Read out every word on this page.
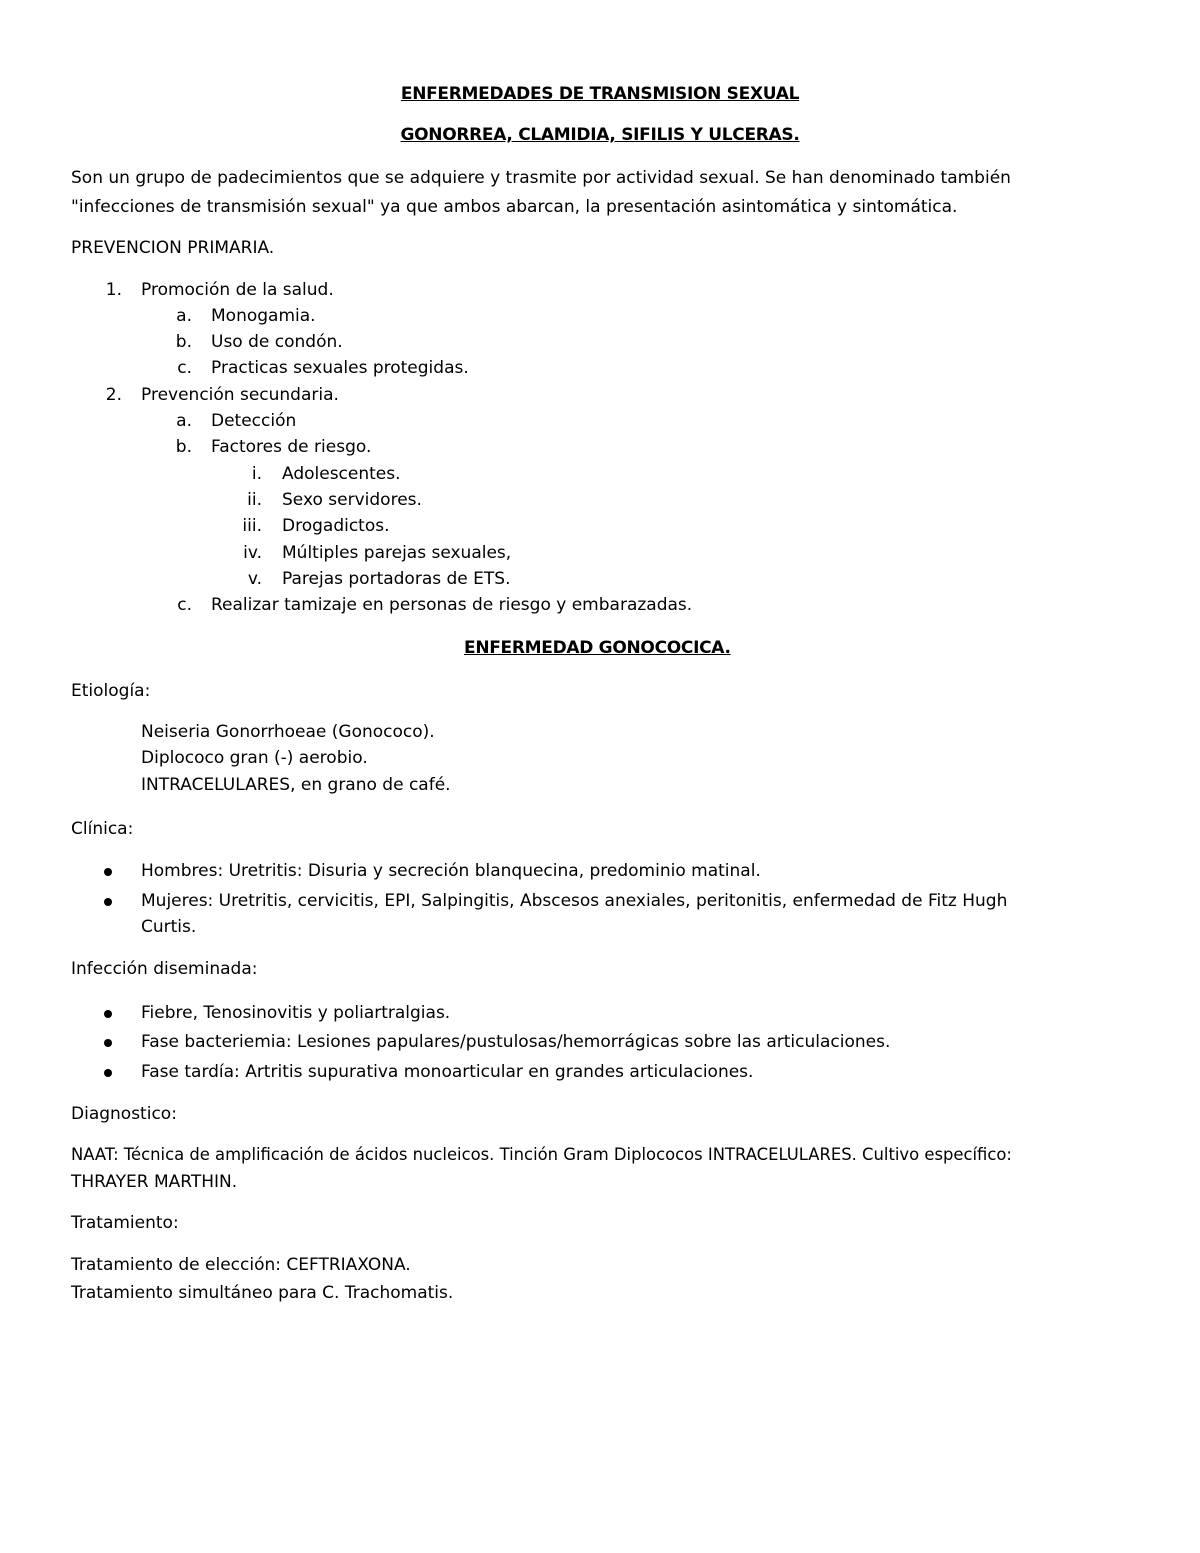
ENFERMEDADES DE TRANSMISION SEXUAL
GONORREA, CLAMIDIA, SIFILIS Y ULCERAS.
Son un grupo de padecimientos que se adquiere y trasmite por actividad sexual. Se han denominado también
"infecciones de transmisión sexual" ya que ambos abarcan, la presentación asintomática y sintomática.
PREVENCION PRIMARIA.
1. Promoción de la salud.
a. Monogamia.
b. Uso de condón.
c. Practicas sexuales protegidas.
2. Prevención secundaria.
a. Detección
b. Factores de riesgo.
i. Adolescentes.
ii. Sexo servidores.
iii. Drogadictos.
iv. Múltiples parejas sexuales,
v. Parejas portadoras de ETS.
c. Realizar tamizaje en personas de riesgo y embarazadas.
ENFERMEDAD GONOCOCICA.
Etiología:
Neiseria Gonorrhoeae (Gonococo).
Diplococo gran (-) aerobio.
INTRACELULARES, en grano de café.
Clínica:
Hombres: Uretritis: Disuria y secreción blanquecina, predominio matinal.
Mujeres: Uretritis, cervicitis, EPI, Salpingitis, Abscesos anexiales, peritonitis, enfermedad de Fitz Hugh
Curtis.
Infección diseminada:
Fiebre, Tenosinovitis y poliartralgias.
Fase bacteriemia: Lesiones papulares/pustulosas/hemorrágicas sobre las articulaciones.
Fase tardía: Artritis supurativa monoarticular en grandes articulaciones.
Diagnostico:
NAAT: Técnica de amplificación de ácidos nucleicos. Tinción Gram Diplococos INTRACELULARES. Cultivo específico:
THRAYER MARTHIN.
Tratamiento:
Tratamiento de elección: CEFTRIAXONA.
Tratamiento simultáneo para C. Trachomatis.
